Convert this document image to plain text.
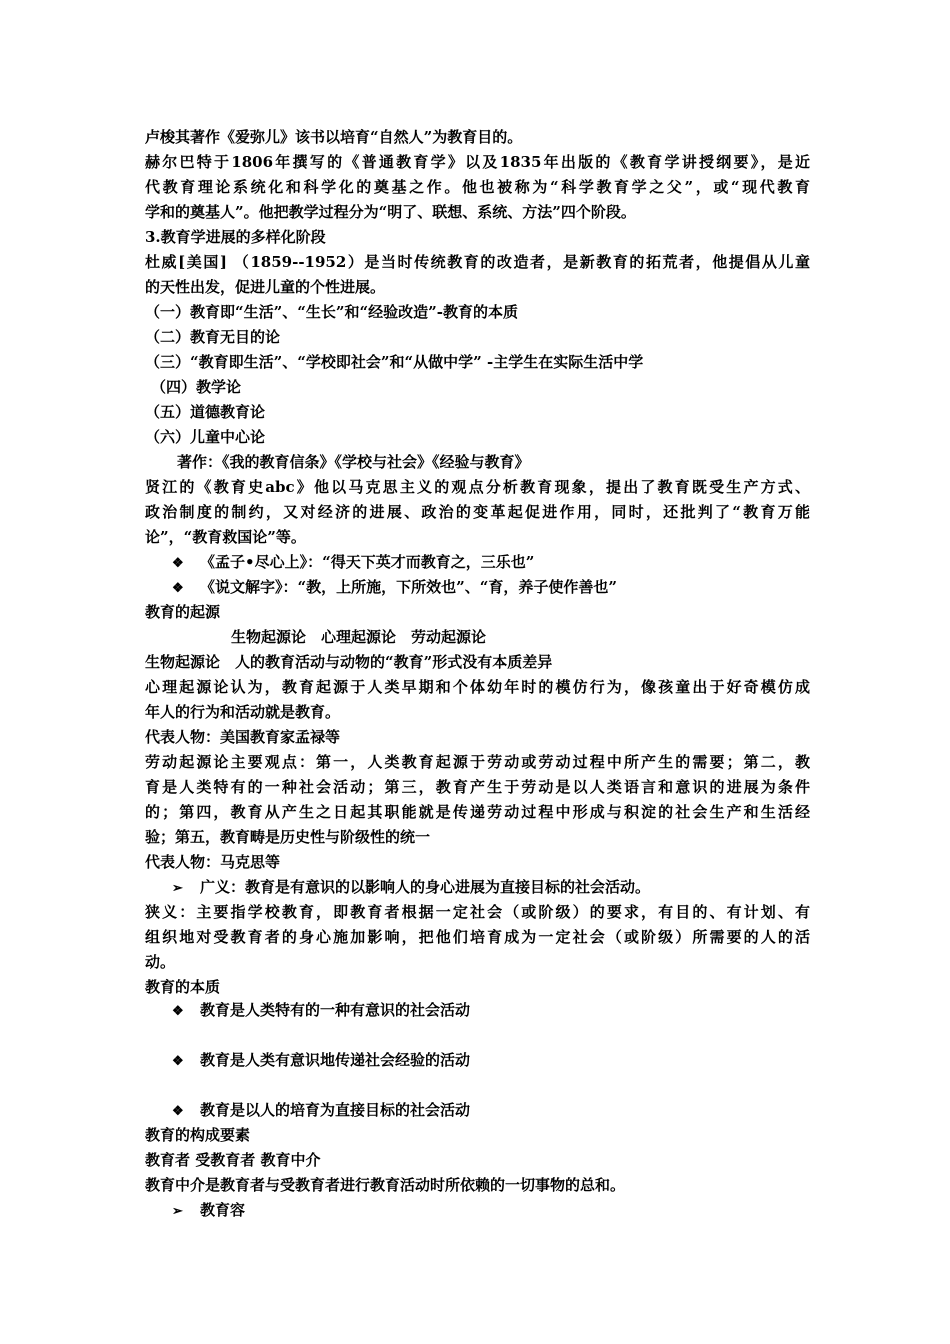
卢梭其著作《爱弥儿》该书以培育“自然人”为教育目的。
赫尔巴特于1806年撰写的《普通教育学》以及1835年出版的《教育学讲授纲要》，是近
代教育理论系统化和科学化的奠基之作。他也被称为“科学教育学之父”，或“现代教育
学和的奠基人”。他把教学过程分为“明了、联想、系统、方法”四个阶段。
3.教育学进展的多样化阶段
杜威[美国] （1859--1952）是当时传统教育的改造者，是新教育的拓荒者，他提倡从儿童
的天性出发，促进儿童的个性进展。
（一）教育即“生活”、“生长”和“经验改造”-教育的本质
（二）教育无目的论
（三）“教育即生活”、“学校即社会”和“从做中学” -主学生在实际生活中学
（四）教学论
（五）道德教育论
（六）儿童中心论
著作：《我的教育信条》《学校与社会》《经验与教育》
贤江的《教育史abc》他以马克思主义的观点分析教育现象，提出了教育既受生产方式、
政治制度的制约，又对经济的进展、政治的变革起促进作用，同时，还批判了“教育万能
论”，“教育救国论”等。
❖ 《孟子•尽心上》：“得天下英才而教育之，三乐也”
❖ 《说文解字》：“教，上所施，下所效也”、“育，养子使作善也”
教育的起源
生物起源论　心理起源论　劳动起源论
生物起源论　人的教育活动与动物的“教育”形式没有本质差异
心理起源论认为，教育起源于人类早期和个体幼年时的模仿行为，像孩童出于好奇模仿成
年人的行为和活动就是教育。
代表人物：美国教育家孟禄等
劳动起源论主要观点：第一，人类教育起源于劳动或劳动过程中所产生的需要；第二，教
育是人类特有的一种社会活动；第三，教育产生于劳动是以人类语言和意识的进展为条件
的；第四，教育从产生之日起其职能就是传递劳动过程中形成与积淀的社会生产和生活经
验；第五，教育畴是历史性与阶级性的统一
代表人物：马克思等
➢ 广义：教育是有意识的以影响人的身心进展为直接目标的社会活动。
狭义：主要指学校教育，即教育者根据一定社会（或阶级）的要求，有目的、有计划、有
组织地对受教育者的身心施加影响，把他们培育成为一定社会（或阶级）所需要的人的活
动。
教育的本质
❖ 教育是人类特有的一种有意识的社会活动
❖ 教育是人类有意识地传递社会经验的活动
❖ 教育是以人的培育为直接目标的社会活动
教育的构成要素
教育者 受教育者 教育中介
教育中介是教育者与受教育者进行教育活动时所依赖的一切事物的总和。
➢ 教育容
